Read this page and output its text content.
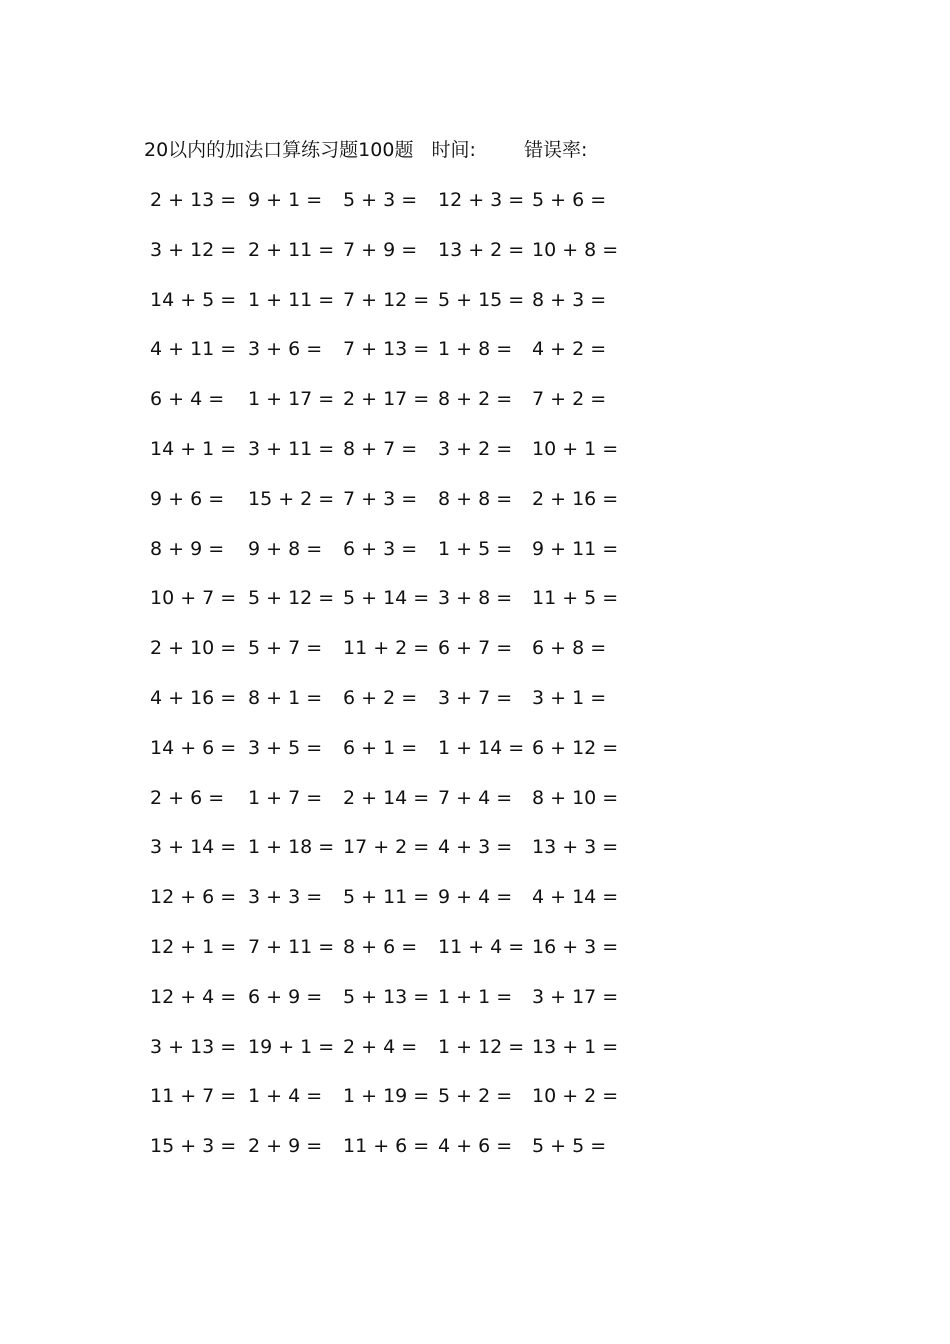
20以内的加法口算练习题100题 时间:	错误率:
2 + 13 = 9 + 1 = 5 + 3 = 12 + 3 = 5 + 6 =
3 + 12 = 2 + 11 = 7 + 9 = 13 + 2 = 10 + 8 =
14 + 5 = 1 + 11 = 7 + 12 = 5 + 15 = 8 + 3 =
4 + 11 = 3 + 6 = 7 + 13 = 1 + 8 = 4 + 2 =
6 + 4 = 1 + 17 = 2 + 17 = 8 + 2 = 7 + 2 =
14 + 1 = 3 + 11 = 8 + 7 = 3 + 2 = 10 + 1 =
9 + 6 = 15 + 2 = 7 + 3 = 8 + 8 = 2 + 16 =
8 + 9 = 9 + 8 = 6 + 3 = 1 + 5 = 9 + 11 =
10 + 7 = 5 + 12 = 5 + 14 = 3 + 8 = 11 + 5 =
2 + 10 = 5 + 7 = 11 + 2 = 6 + 7 = 6 + 8 =
4 + 16 = 8 + 1 = 6 + 2 = 3 + 7 = 3 + 1 =
14 + 6 = 3 + 5 = 6 + 1 = 1 + 14 = 6 + 12 =
2 + 6 = 1 + 7 = 2 + 14 = 7 + 4 = 8 + 10 =
3 + 14 = 1 + 18 = 17 + 2 = 4 + 3 = 13 + 3 =
12 + 6 = 3 + 3 = 5 + 11 = 9 + 4 = 4 + 14 =
12 + 1 = 7 + 11 = 8 + 6 = 11 + 4 = 16 + 3 =
12 + 4 = 6 + 9 = 5 + 13 = 1 + 1 = 3 + 17 =
3 + 13 = 19 + 1 = 2 + 4 = 1 + 12 = 13 + 1 =
11 + 7 = 1 + 4 = 1 + 19 = 5 + 2 = 10 + 2 =
15 + 3 = 2 + 9 = 11 + 6 = 4 + 6 = 5 + 5 =
